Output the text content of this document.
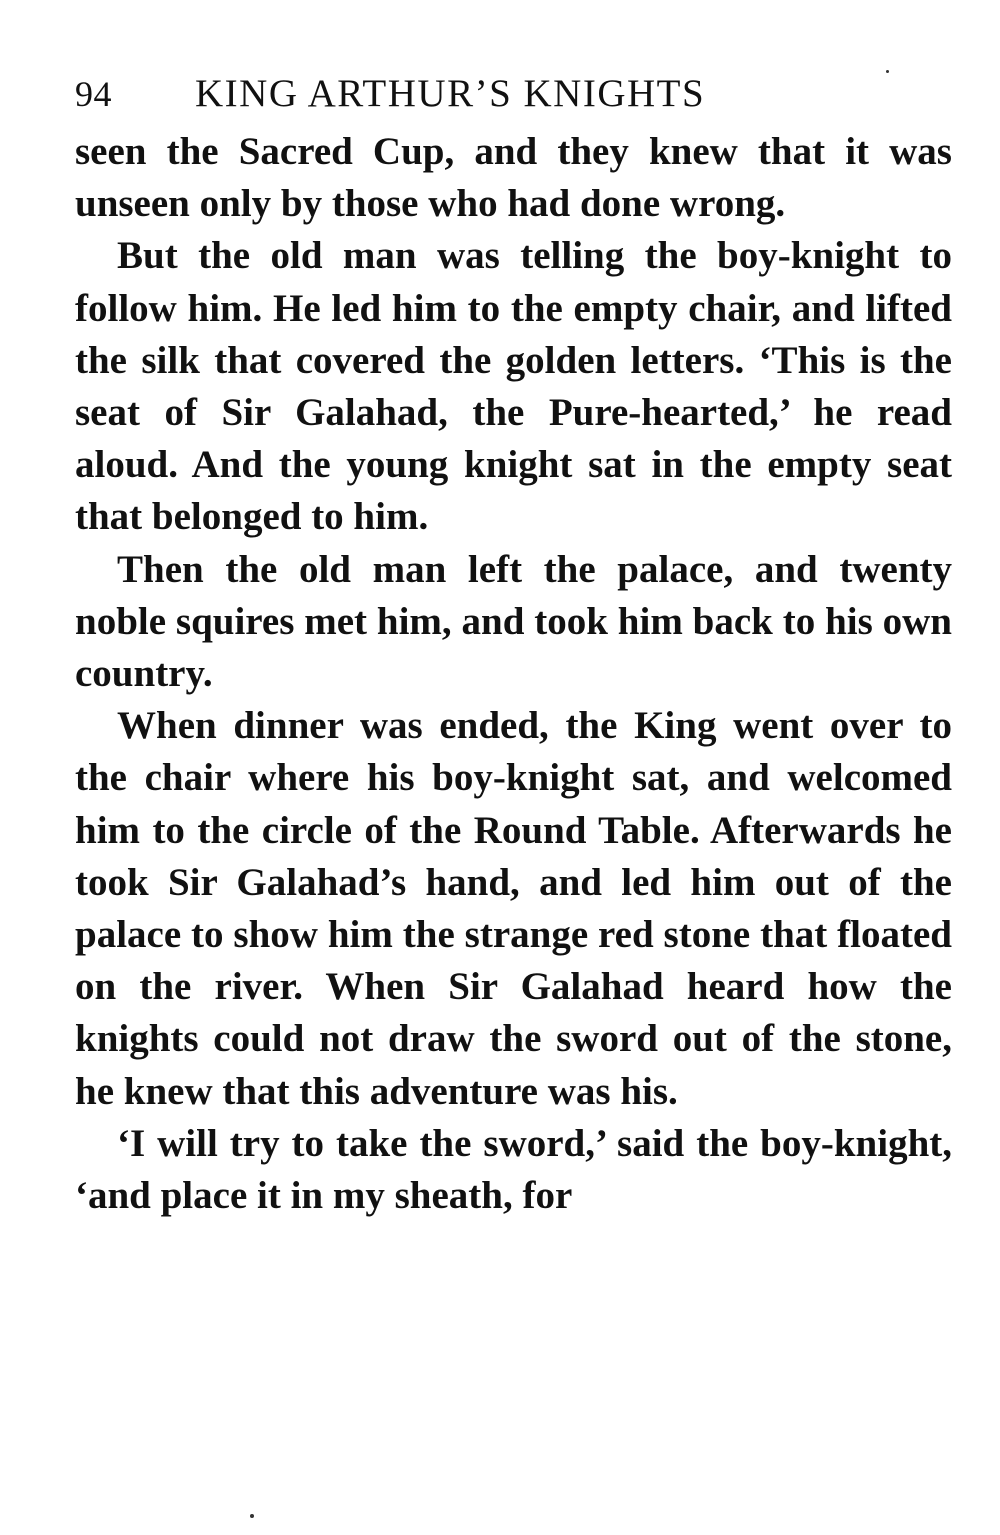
94	KING ARTHUR’S KNIGHTS

seen the Sacred Cup, and they knew that it was unseen only by those who had done wrong.

But the old man was telling the boy-knight to follow him. He led him to the empty chair, and lifted the silk that covered the golden letters. ‘This is the seat of Sir Galahad, the Pure-hearted,’ he read aloud. And the young knight sat in the empty seat that belonged to him.

Then the old man left the palace, and twenty noble squires met him, and took him back to his own country.

When dinner was ended, the King went over to the chair where his boy-knight sat, and welcomed him to the circle of the Round Table. Afterwards he took Sir Galahad’s hand, and led him out of the palace to show him the strange red stone that floated on the river. When Sir Galahad heard how the knights could not draw the sword out of the stone, he knew that this adventure was his.

‘I will try to take the sword,’ said the boy-knight, ‘and place it in my sheath, for
